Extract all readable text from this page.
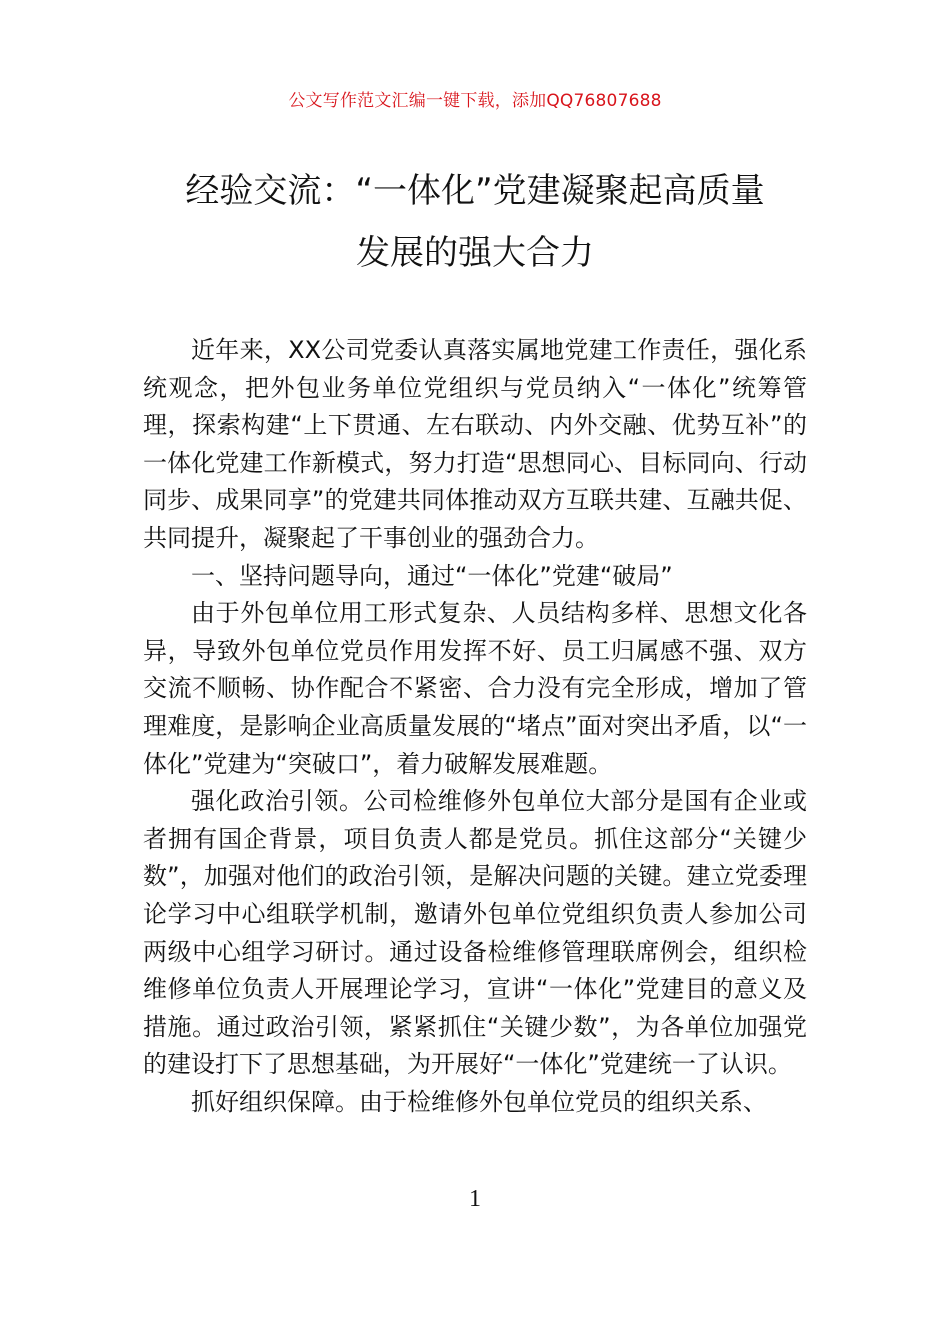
公文写作范文汇编一键下载，添加QQ76807688
经验交流：“一体化”党建凝聚起高质量
发展的强大合力

近年来，XX公司党委认真落实属地党建工作责任，强化系统观念，把外包业务单位党组织与党员纳入“一体化”统筹管理，探索构建“上下贯通、左右联动、内外交融、优势互补”的一体化党建工作新模式，努力打造“思想同心、目标同向、行动同步、成果同享”的党建共同体推动双方互联共建、互融共促、共同提升，凝聚起了干事创业的强劲合力。

一、坚持问题导向，通过“一体化”党建“破局”

由于外包单位用工形式复杂、人员结构多样、思想文化各异，导致外包单位党员作用发挥不好、员工归属感不强、双方交流不顺畅、协作配合不紧密、合力没有完全形成，增加了管理难度，是影响企业高质量发展的“堵点”面对突出矛盾，以“一体化”党建为“突破口”，着力破解发展难题。

强化政治引领。公司检维修外包单位大部分是国有企业或者拥有国企背景，项目负责人都是党员。抓住这部分“关键少数”，加强对他们的政治引领，是解决问题的关键。建立党委理论学习中心组联学机制，邀请外包单位党组织负责人参加公司两级中心组学习研讨。通过设备检维修管理联席例会，组织检维修单位负责人开展理论学习，宣讲“一体化”党建目的意义及措施。通过政治引领，紧紧抓住“关键少数”，为各单位加强党的建设打下了思想基础，为开展好“一体化”党建统一了认识。

抓好组织保障。由于检维修外包单位党员的组织关系、

1
